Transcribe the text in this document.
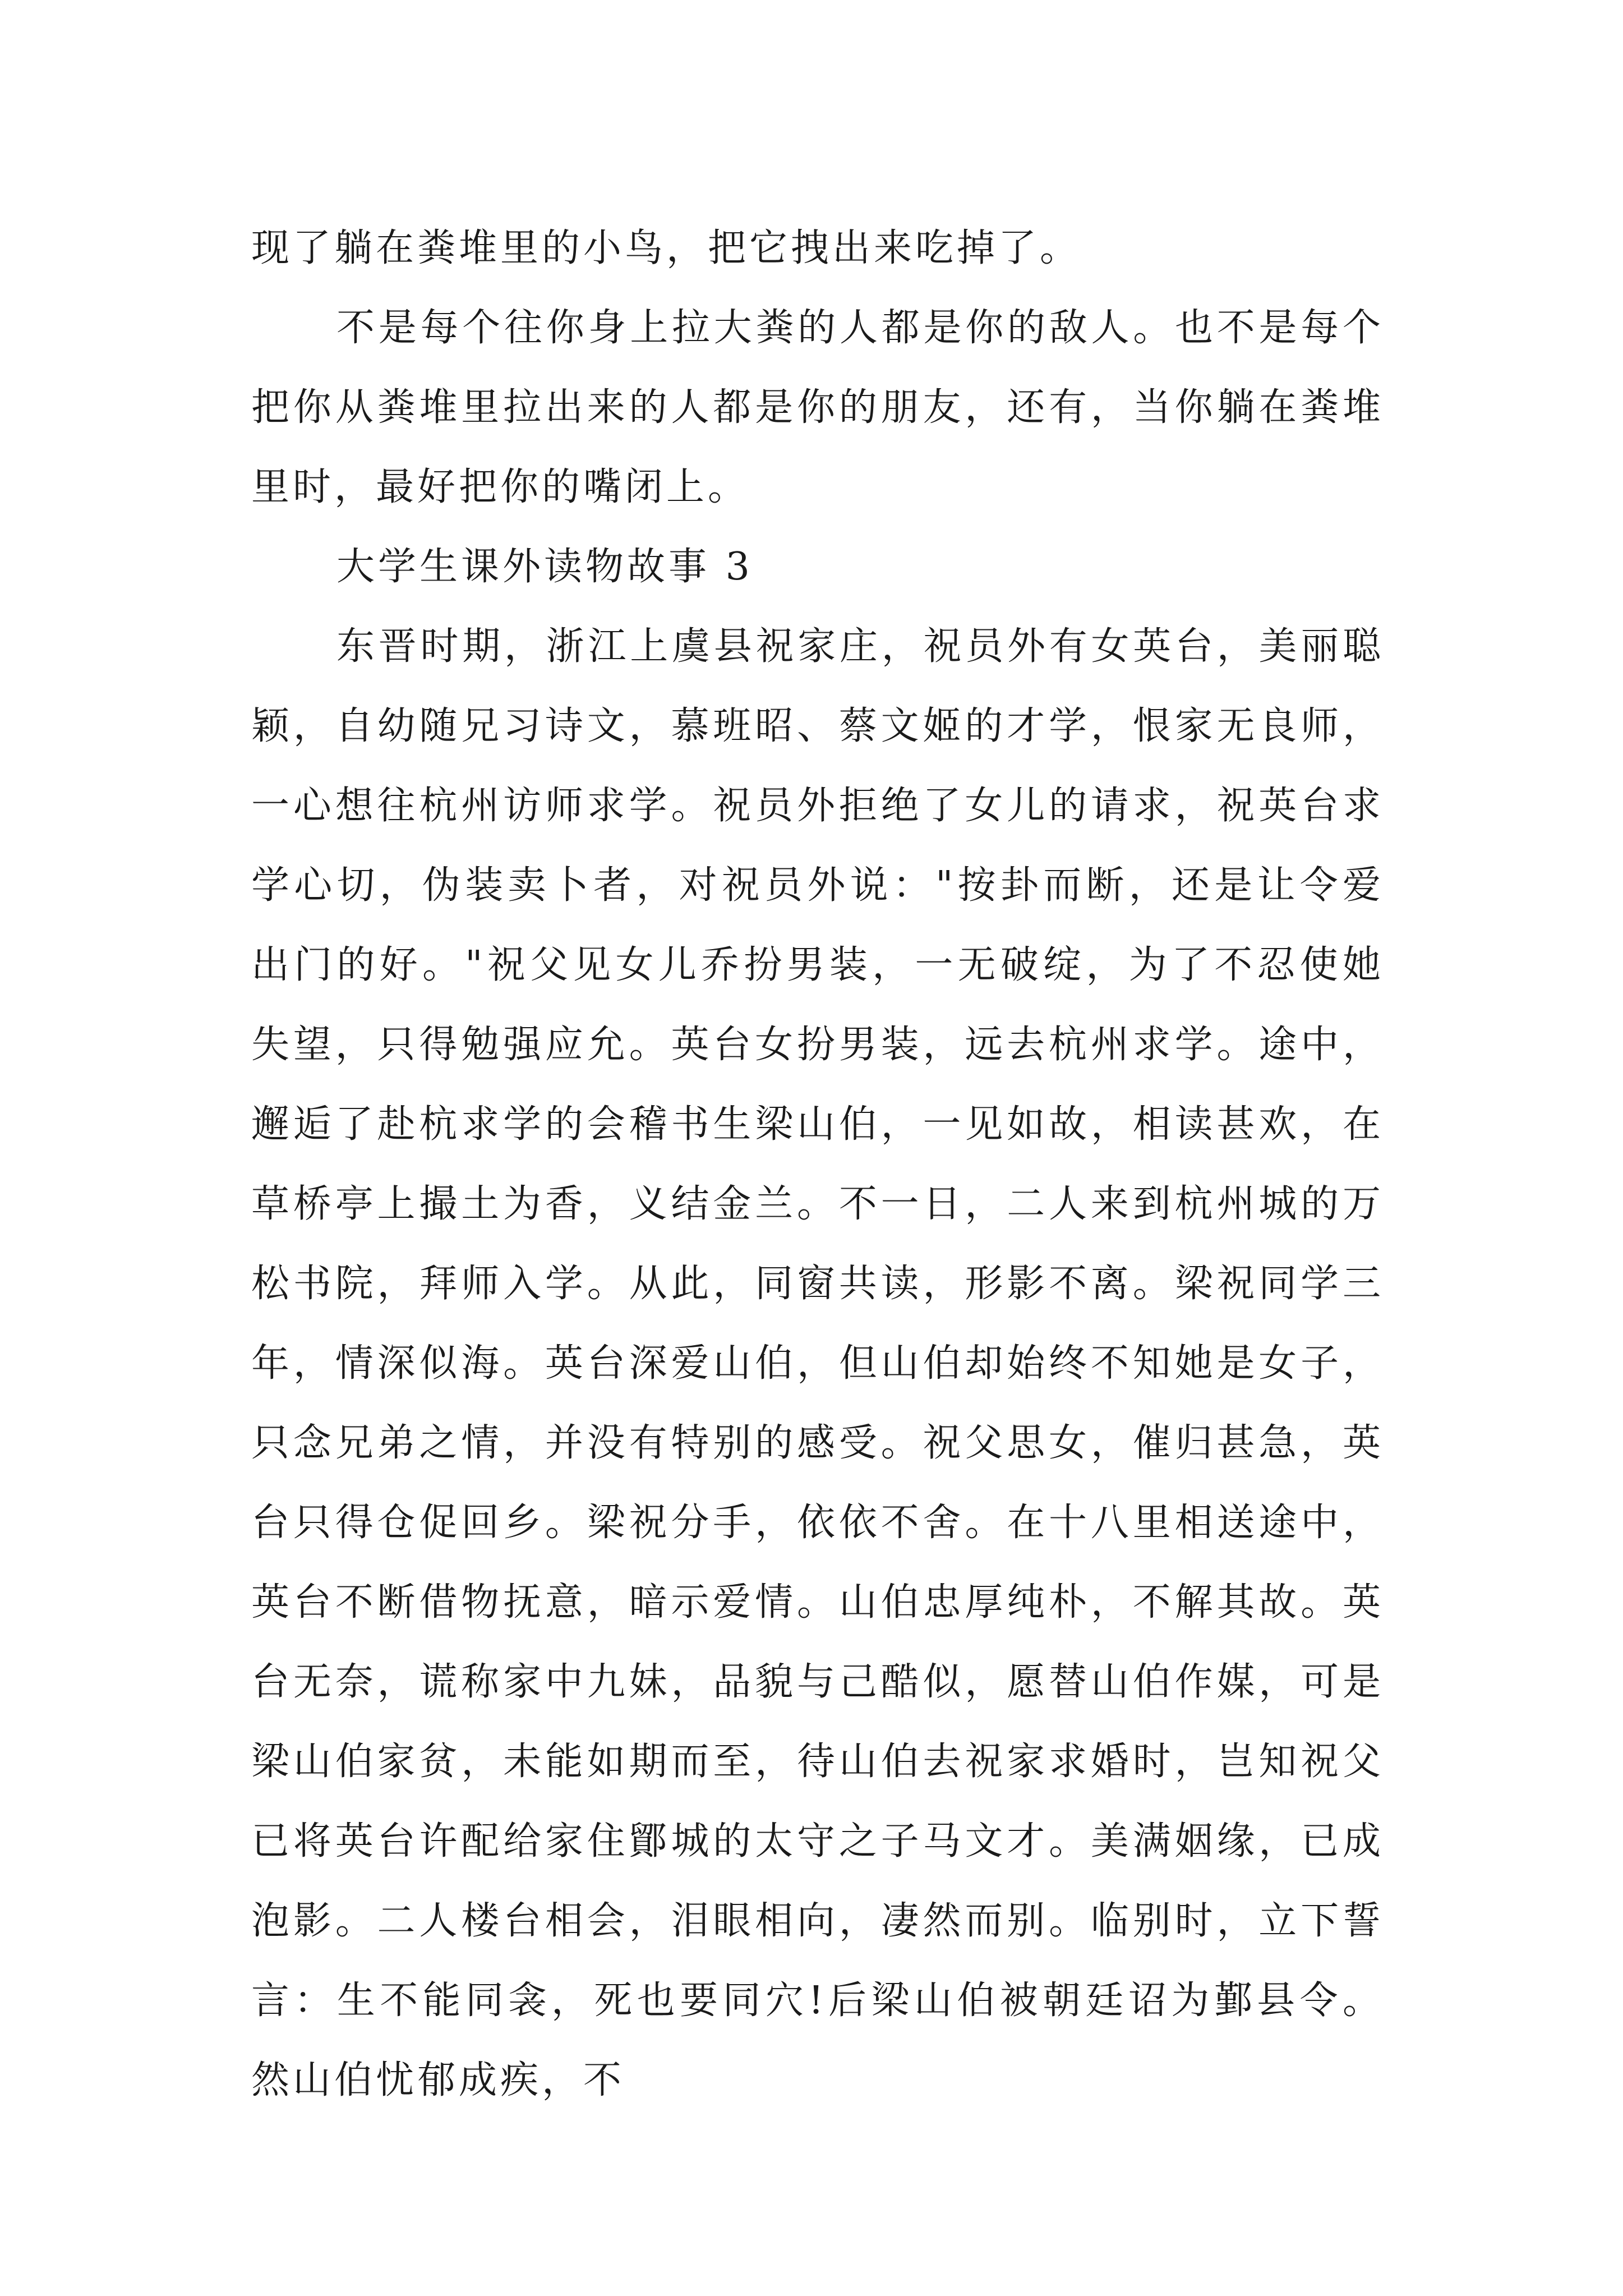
现了躺在粪堆里的小鸟，把它拽出来吃掉了。

不是每个往你身上拉大粪的人都是你的敌人。也不是每个把你从粪堆里拉出来的人都是你的朋友，还有，当你躺在粪堆里时，最好把你的嘴闭上。

大学生课外读物故事 3

东晋时期，浙江上虞县祝家庄，祝员外有女英台，美丽聪颖，自幼随兄习诗文，慕班昭、蔡文姬的才学，恨家无良师，一心想往杭州访师求学。祝员外拒绝了女儿的请求，祝英台求学心切，伪装卖卜者，对祝员外说："按卦而断，还是让令爱出门的好。"祝父见女儿乔扮男装，一无破绽，为了不忍使她失望，只得勉强应允。英台女扮男装，远去杭州求学。途中，邂逅了赴杭求学的会稽书生梁山伯，一见如故，相读甚欢，在草桥亭上撮土为香，义结金兰。不一日，二人来到杭州城的万松书院，拜师入学。从此，同窗共读，形影不离。梁祝同学三年，情深似海。英台深爱山伯，但山伯却始终不知她是女子，只念兄弟之情，并没有特别的感受。祝父思女，催归甚急，英台只得仓促回乡。梁祝分手，依依不舍。在十八里相送途中，英台不断借物抚意，暗示爱情。山伯忠厚纯朴，不解其故。英台无奈，谎称家中九妹，品貌与己酷似，愿替山伯作媒，可是梁山伯家贫，未能如期而至，待山伯去祝家求婚时，岂知祝父已将英台许配给家住鄮城的太守之子马文才。美满姻缘，已成泡影。二人楼台相会，泪眼相向，凄然而别。临别时，立下誓言：生不能同衾，死也要同穴!后梁山伯被朝廷诏为鄞县令。然山伯忧郁成疾，不
